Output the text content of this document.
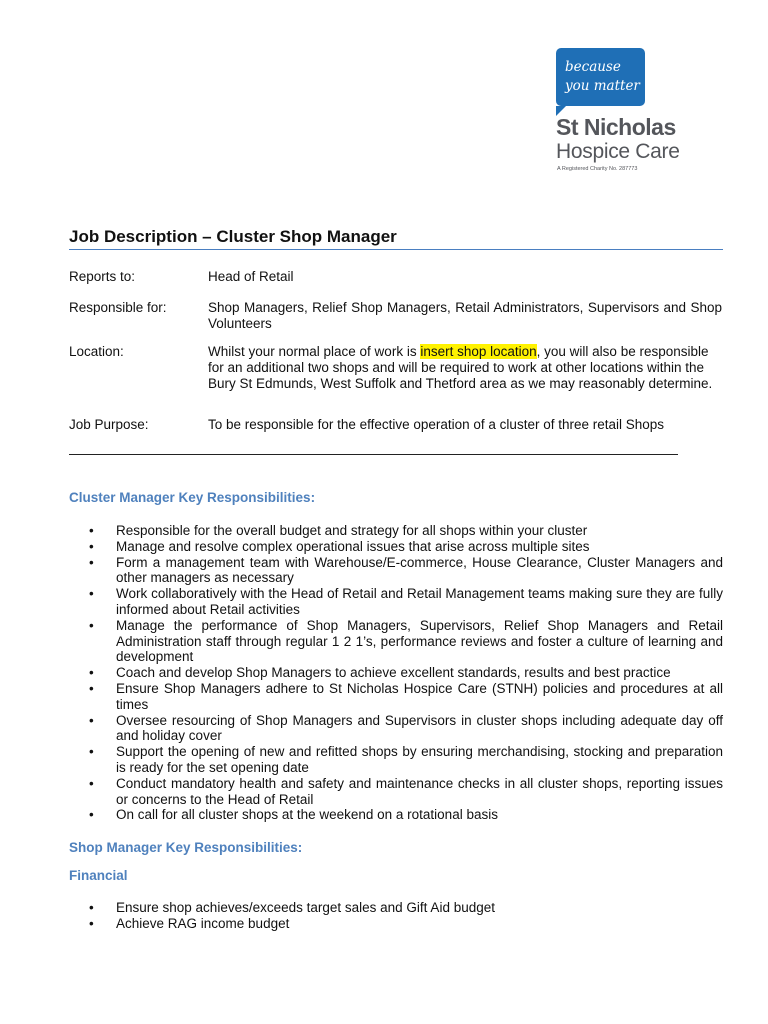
because
you matter
St Nicholas
Hospice Care
A Registered Charity No. 287773
Job Description – Cluster Shop Manager
Reports to:	Head of Retail
Responsible for:	Shop Managers, Relief Shop Managers, Retail Administrators, Supervisors and Shop Volunteers
Location:	Whilst your normal place of work is insert shop location, you will also be responsible for an additional two shops and will be required to work at other locations within the Bury St Edmunds, West Suffolk and Thetford area as we may reasonably determine.
Job Purpose:	To be responsible for the effective operation of a cluster of three retail Shops
Cluster Manager Key Responsibilities:
• Responsible for the overall budget and strategy for all shops within your cluster
• Manage and resolve complex operational issues that arise across multiple sites
• Form a management team with Warehouse/E-commerce, House Clearance, Cluster Managers and other managers as necessary
• Work collaboratively with the Head of Retail and Retail Management teams making sure they are fully informed about Retail activities
• Manage the performance of Shop Managers, Supervisors, Relief Shop Managers and Retail Administration staff through regular 1 2 1’s, performance reviews and foster a culture of learning and development
• Coach and develop Shop Managers to achieve excellent standards, results and best practice
• Ensure Shop Managers adhere to St Nicholas Hospice Care (STNH) policies and procedures at all times
• Oversee resourcing of Shop Managers and Supervisors in cluster shops including adequate day off and holiday cover
• Support the opening of new and refitted shops by ensuring merchandising, stocking and preparation is ready for the set opening date
• Conduct mandatory health and safety and maintenance checks in all cluster shops, reporting issues or concerns to the Head of Retail
• On call for all cluster shops at the weekend on a rotational basis
Shop Manager Key Responsibilities:
Financial
• Ensure shop achieves/exceeds target sales and Gift Aid budget
• Achieve RAG income budget
